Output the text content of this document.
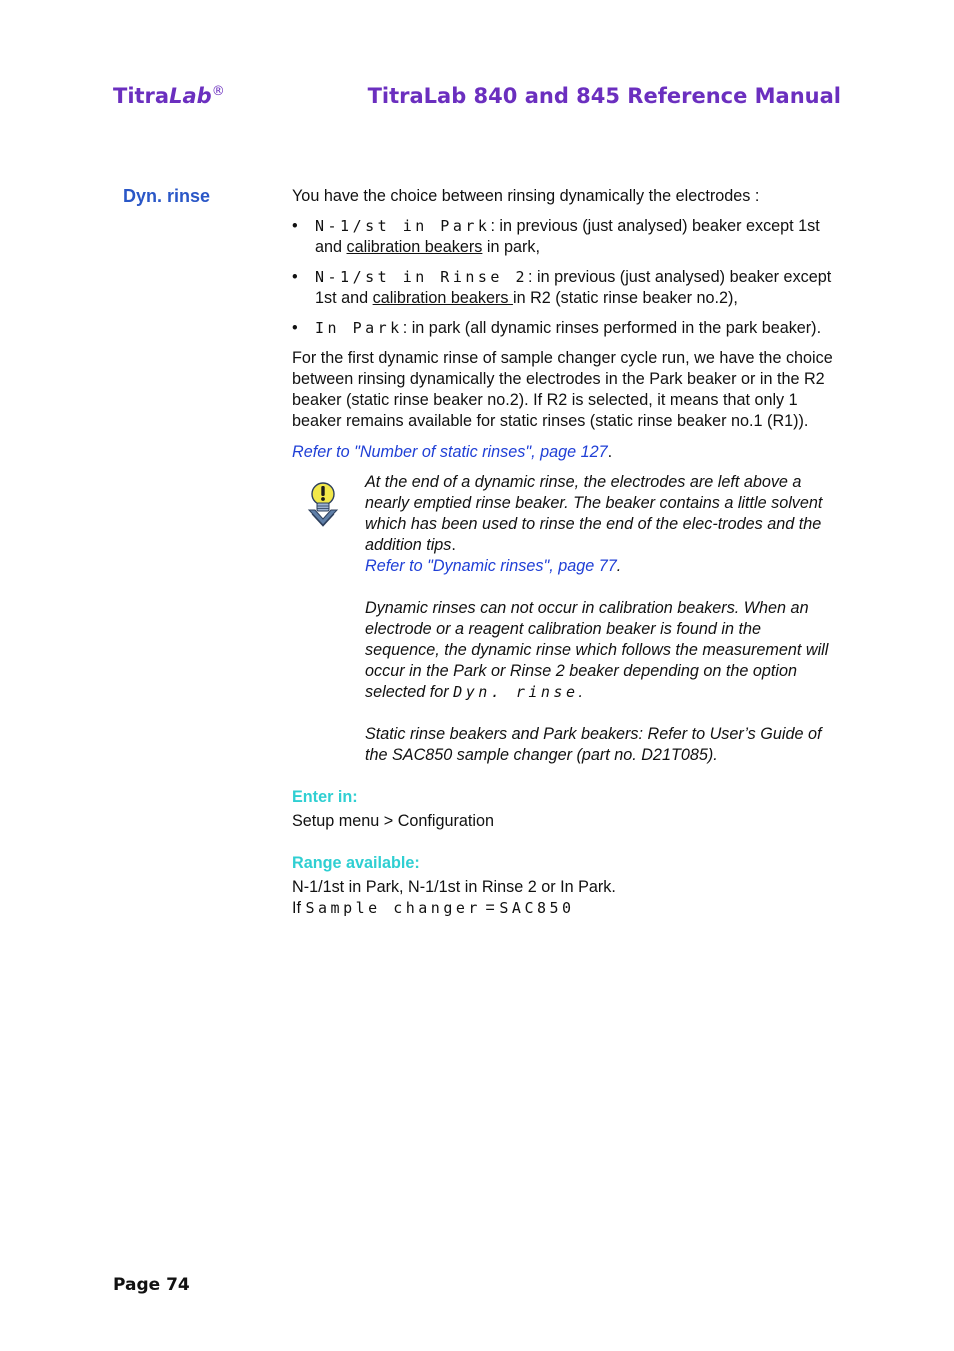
TitraLab®	TitraLab 840 and 845 Reference Manual
Dyn. rinse	You have the choice between rinsing dynamically the electrodes :

• N-1/st in Park: in previous (just analysed) beaker except 1st and calibration beakers in park,
• N-1/st in Rinse 2: in previous (just analysed) beaker except 1st and calibration beakers in R2 (static rinse beaker no.2),
• In Park: in park (all dynamic rinses performed in the park beaker).

For the first dynamic rinse of sample changer cycle run, we have the choice between rinsing dynamically the electrodes in the Park beaker or in the R2 beaker (static rinse beaker no.2). If R2 is selected, it means that only 1 beaker remains available for static rinses (static rinse beaker no.1 (R1)).

Refer to "Number of static rinses", page 127.

At the end of a dynamic rinse, the electrodes are left above a nearly emptied rinse beaker. The beaker contains a little solvent which has been used to rinse the end of the elec-trodes and the addition tips.

Refer to "Dynamic rinses", page 77.

Dynamic rinses can not occur in calibration beakers. When an electrode or a reagent calibration beaker is found in the sequence, the dynamic rinse which follows the measurement will occur in the Park or Rinse 2 beaker depending on the option selected for Dyn. rinse.

Static rinse beakers and Park beakers: Refer to User’s Guide of the SAC850 sample changer (part no. D21T085).

Enter in:

Setup menu > Configuration

Range available:

N-1/1st in Park, N-1/1st in Rinse 2 or In Park.

If Sample changer = SAC850

Page 74
